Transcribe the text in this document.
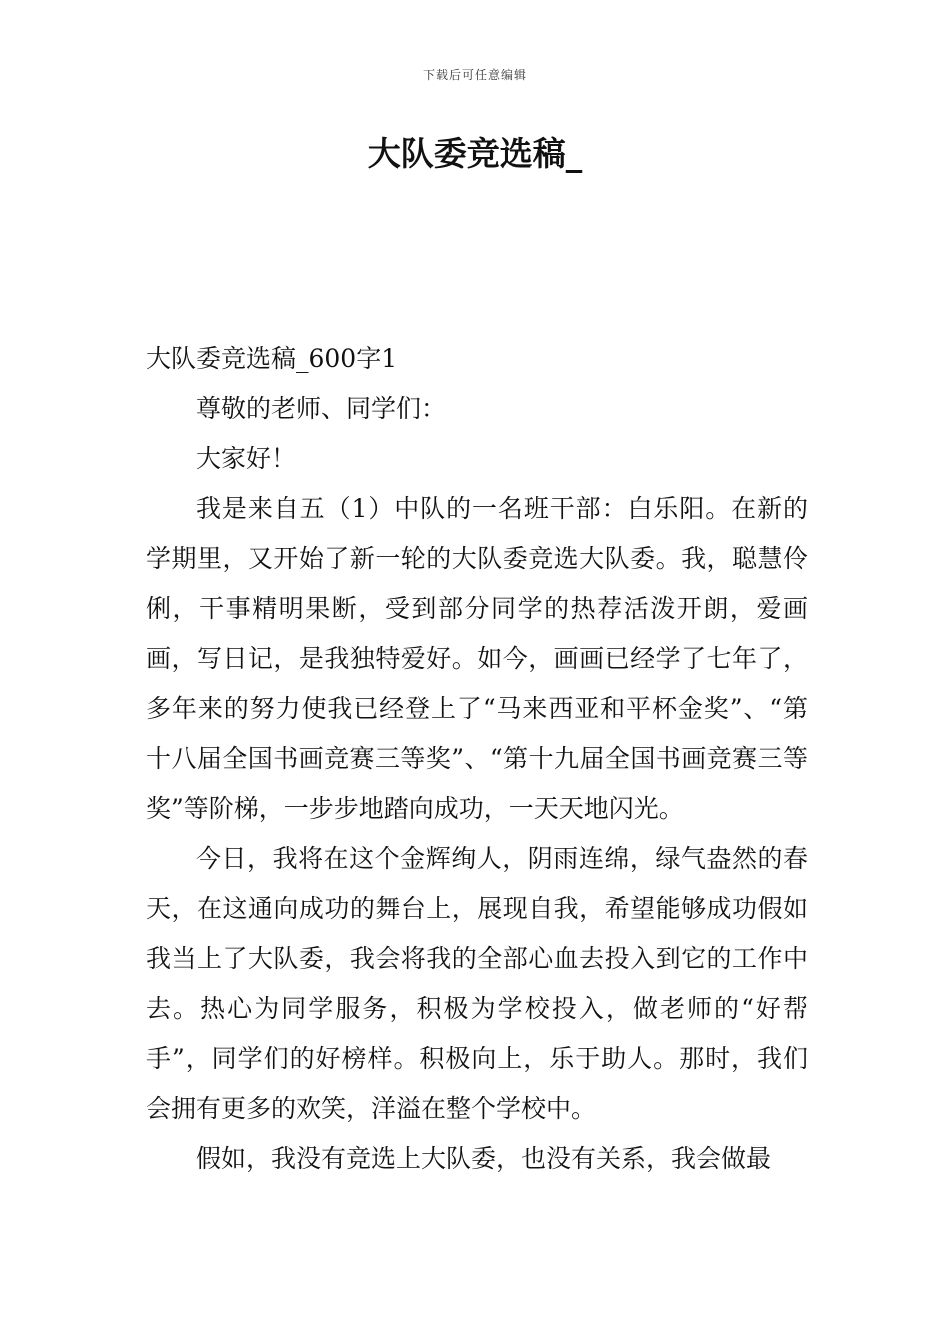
下载后可任意编辑
大队委竞选稿_

大队委竞选稿_600字1

尊敬的老师、同学们：

大家好！

我是来自五（1）中队的一名班干部：白乐阳。在新的学期里，又开始了新一轮的大队委竞选大队委。我，聪慧伶俐，干事精明果断，受到部分同学的热荐活泼开朗，爱画画，写日记，是我独特爱好。如今，画画已经学了七年了，多年来的努力使我已经登上了“马来西亚和平杯金奖”、“第十八届全国书画竞赛三等奖”、“第十九届全国书画竞赛三等奖”等阶梯，一步步地踏向成功，一天天地闪光。

今日，我将在这个金辉绚人，阴雨连绵，绿气盎然的春天，在这通向成功的舞台上，展现自我，希望能够成功假如我当上了大队委，我会将我的全部心血去投入到它的工作中去。热心为同学服务，积极为学校投入，做老师的“好帮手”，同学们的好榜样。积极向上，乐于助人。那时，我们会拥有更多的欢笑，洋溢在整个学校中。

假如，我没有竞选上大队委，也没有关系，我会做最
